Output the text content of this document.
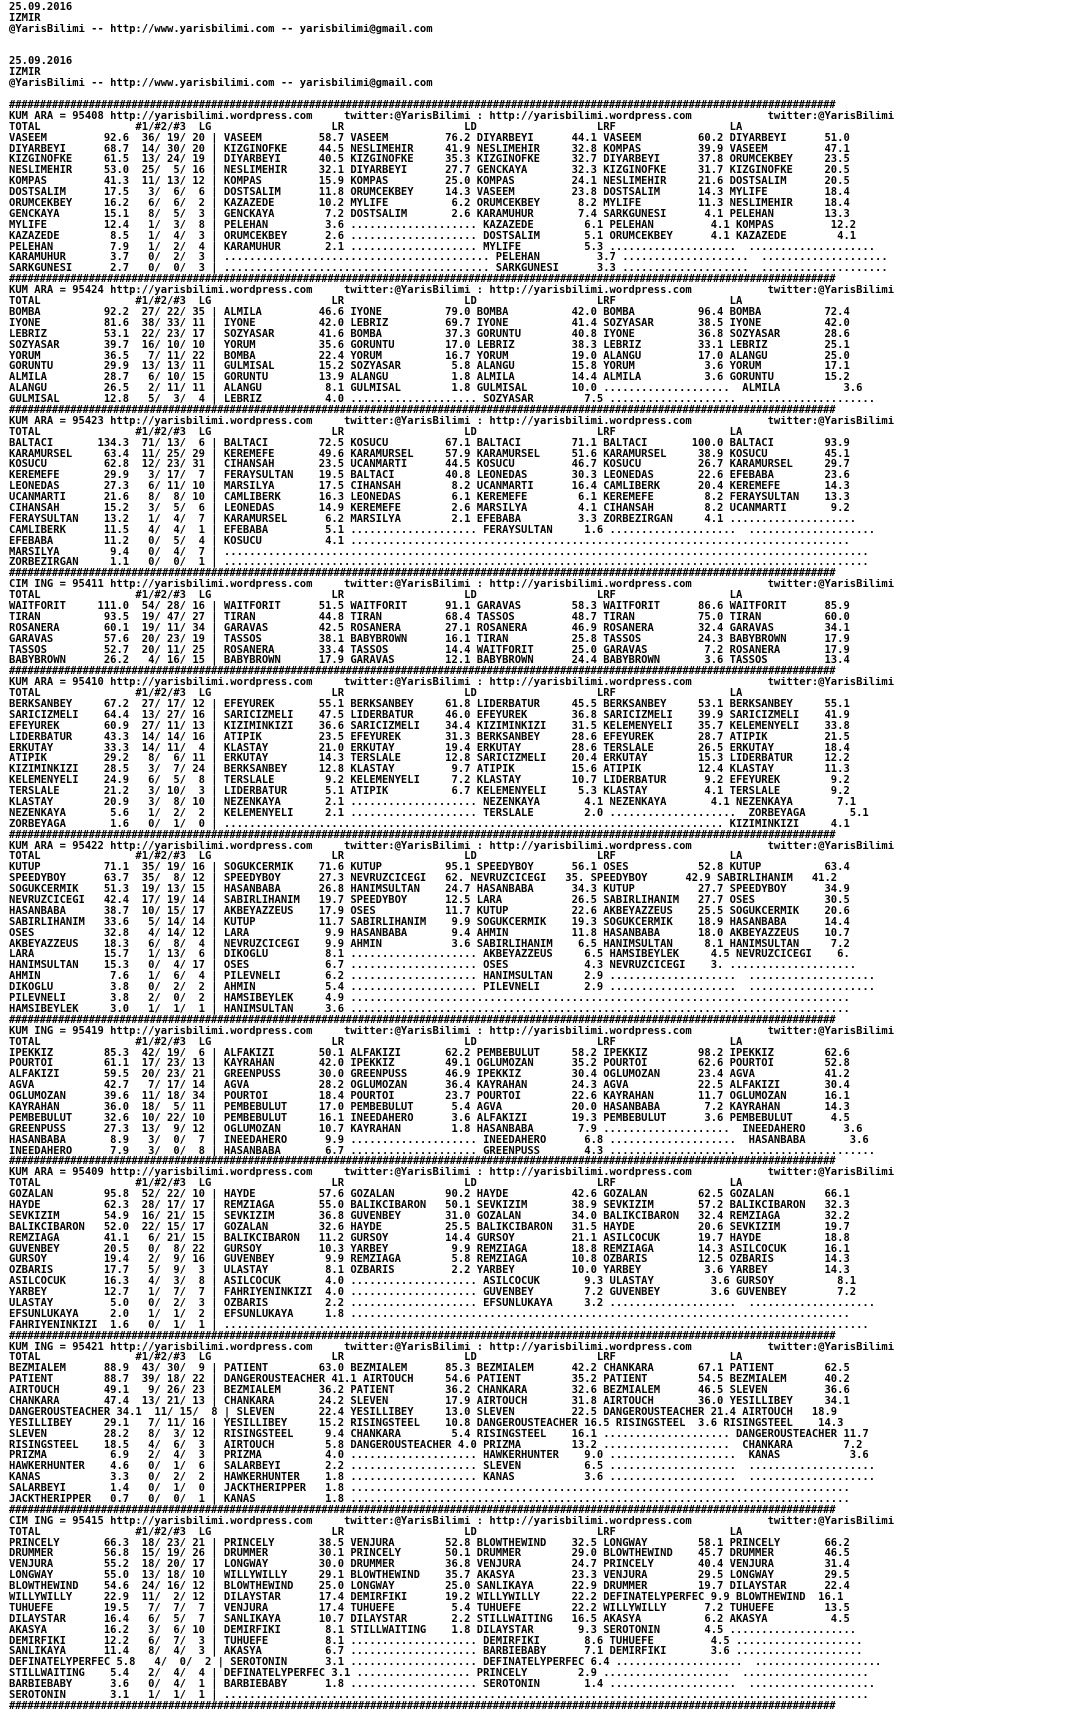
25.09.2016
IZMIR
@YarisBilimi -- http://www.yarisbilimi.com -- yarisbilimi@gmail.com

25.09.2016
IZMIR
@YarisBilimi -- http://www.yarisbilimi.com -- yarisbilimi@gmail.com

#######################################################################################################################################
KUM ARA = 95408 http://yarisbilimi.wordpress.com     twitter:@YarisBilimi : http://yarisbilimi.wordpress.com            twitter:@YarisBilimi
TOTAL               #1/#2/#3  LG                   LR                   LD                   LRF                  LA
VASEEM         92.6  36/ 19/ 20 | VASEEM         58.7 VASEEM         76.2 DIYARBEYI      44.1 VASEEM         60.2 DIYARBEYI      51.0
DIYARBEYI      68.7  14/ 30/ 20 | KIZGINOFKE     44.5 NESLIMEHIR     41.9 NESLIMEHIR     32.8 KOMPAS         39.9 VASEEM         47.1
KIZGINOFKE     61.5  13/ 24/ 19 | DIYARBEYI      40.5 KIZGINOFKE     35.3 KIZGINOFKE     32.7 DIYARBEYI      37.8 ORUMCEKBEY     23.5
NESLIMEHIR     53.0  25/  5/ 16 | NESLIMEHIR     32.1 DIYARBEYI      27.7 GENCKAYA       32.3 KIZGINOFKE     31.7 KIZGINOFKE     20.5
KOMPAS         41.3  11/ 13/ 12 | KOMPAS         15.9 KOMPAS         25.0 KOMPAS         24.1 NESLIMEHIR     21.6 DOSTSALIM      20.5
DOSTSALIM      17.5   3/  6/  6 | DOSTSALIM      11.8 ORUMCEKBEY     14.3 VASEEM         23.8 DOSTSALIM      14.3 MYLIFE         18.4
ORUMCEKBEY     16.2   6/  6/  2 | KAZAZEDE       10.2 MYLIFE          6.2 ORUMCEKBEY      8.2 MYLIFE         11.3 NESLIMEHIR     18.4
GENCKAYA       15.1   8/  5/  3 | GENCKAYA        7.2 DOSTSALIM       2.6 KARAMUHUR       7.4 SARKGUNESI      4.1 PELEHAN        13.3
MYLIFE         12.4   1/  3/  8 | PELEHAN         3.6 .................... KAZAZEDE        6.1 PELEHAN         4.1 KOMPAS         12.2
KAZAZEDE        8.5   1/  4/  3 | ORUMCEKBEY      2.6 .................... DOSTSALIM       5.1 ORUMCEKBEY      4.1 KAZAZEDE        4.1
PELEHAN         7.9   1/  2/  4 | KARAMUHUR       2.1 .................... MYLIFE          5.3 ....................  ....................
KARAMUHUR       3.7   0/  2/  3 | .......................................... PELEHAN         3.7 ....................  ....................
SARKGUNESI      2.7   0/  0/  3 | .......................................... SARKGUNESI      3.3 ....................  ....................
#######################################################################################################################################
KUM ARA = 95424 http://yarisbilimi.wordpress.com     twitter:@YarisBilimi : http://yarisbilimi.wordpress.com            twitter:@YarisBilimi
TOTAL               #1/#2/#3  LG                   LR                   LD                   LRF                  LA
BOMBA          92.2  27/ 22/ 35 | ALMILA         46.6 IYONE          79.0 BOMBA          42.0 BOMBA          96.4 BOMBA          72.4
IYONE          81.6  38/ 33/ 11 | IYONE          42.0 LEBRIZ         69.7 IYONE          41.4 SOZYASAR       38.5 IYONE          42.0
LEBRIZ         53.1  22/ 23/ 17 | SOZYASAR       41.6 BOMBA          37.3 GORUNTU        40.8 IYONE          36.8 SOZYASAR       28.6
SOZYASAR       39.7  16/ 10/ 10 | YORUM          35.6 GORUNTU        17.0 LEBRIZ         38.3 LEBRIZ         33.1 LEBRIZ         25.1
YORUM          36.5   7/ 11/ 22 | BOMBA          22.4 YORUM          16.7 YORUM          19.0 ALANGU         17.0 ALANGU         25.0
GORUNTU        29.9  13/ 13/ 11 | GULMISAL       15.2 SOZYASAR        5.8 ALANGU         15.8 YORUM           3.6 YORUM          17.1
ALMILA         28.7   6/ 10/ 15 | GORUNTU        13.9 ALANGU          1.8 ALMILA         14.4 ALMILA          3.6 GORUNTU        15.2
ALANGU         26.5   2/ 11/ 11 | ALANGU          8.1 GULMISAL        1.8 GULMISAL       10.0 ....................  ALMILA          3.6
GULMISAL       12.8   5/  3/  4 | LEBRIZ          4.0 .................... SOZYASAR        7.5 ....................  ....................
#######################################################################################################################################
KUM ARA = 95423 http://yarisbilimi.wordpress.com     twitter:@YarisBilimi : http://yarisbilimi.wordpress.com            twitter:@YarisBilimi
TOTAL               #1/#2/#3  LG                   LR                   LD                   LRF                  LA
BALTACI       134.3  71/ 13/  6 | BALTACI        72.5 KOSUCU         67.1 BALTACI        71.1 BALTACI       100.0 BALTACI        93.9
KARAMURSEL     63.4  11/ 25/ 29 | KEREMEFE       49.6 KARAMURSEL     57.9 KARAMURSEL     51.6 KARAMURSEL     38.9 KOSUCU         45.1
KOSUCU         62.8  12/ 23/ 31 | CIHANSAH       23.5 UCANMARTI      44.5 KOSUCU         46.7 KOSUCU         26.7 KARAMURSEL     29.7
KEREMEFE       29.9   3/ 17/  7 | FERAYSULTAN    19.5 BALTACI        40.8 LEONEDAS       30.3 LEONEDAS       22.6 EFEBABA        23.6
LEONEDAS       27.3   6/ 11/ 10 | MARSILYA       17.5 CIHANSAH        8.2 UCANMARTI      16.4 CAMLIBERK      20.4 KEREMEFE       14.3
UCANMARTI      21.6   8/  8/ 10 | CAMLIBERK      16.3 LEONEDAS        6.1 KEREMEFE        6.1 KEREMEFE        8.2 FERAYSULTAN    13.3
CIHANSAH       15.2   3/  5/  6 | LEONEDAS       14.9 KEREMEFE        2.6 MARSILYA        4.1 CIHANSAH        8.2 UCANMARTI       9.2
FERAYSULTAN    13.2   1/  4/  7 | KARAMURSEL      6.2 MARSILYA        2.1 EFEBABA         3.3 ZORBEZIRGAN     4.1 ....................
CAMLIBERK      11.5   4/  4/  1 | EFEBABA         5.1 .................... FERAYSULTAN     1.6 ....................  ....................
EFEBABA        11.2   0/  5/  4 | KOSUCU          4.1 ...............................................................................
MARSILYA        9.4   0/  4/  7 | ......................................................................................................
ZORBEZIRGAN     1.1   0/  0/  1 | ......................................................................................................
#######################################################################################################################################
CIM ING = 95411 http://yarisbilimi.wordpress.com     twitter:@YarisBilimi : http://yarisbilimi.wordpress.com            twitter:@YarisBilimi
TOTAL               #1/#2/#3  LG                   LR                   LD                   LRF                  LA
WAITFORIT     111.0  54/ 28/ 16 | WAITFORIT      51.5 WAITFORIT      91.1 GARAVAS        58.3 WAITFORIT      86.6 WAITFORIT      85.9
TIRAN          93.5  19/ 47/ 27 | TIRAN          44.8 TIRAN          68.4 TASSOS         48.7 TIRAN          75.0 TIRAN          60.0
ROSANERA       60.1  19/ 11/ 34 | GARAVAS        42.5 ROSANERA       27.1 ROSANERA       46.9 ROSANERA       32.4 GARAVAS        34.1
GARAVAS        57.6  20/ 23/ 19 | TASSOS         38.1 BABYBROWN      16.1 TIRAN          25.8 TASSOS         24.3 BABYBROWN      17.9
TASSOS         52.7  20/ 11/ 25 | ROSANERA       33.4 TASSOS         14.4 WAITFORIT      25.0 GARAVAS         7.2 ROSANERA       17.9
BABYBROWN      26.2   4/ 16/ 15 | BABYBROWN      17.9 GARAVAS        12.1 BABYBROWN      24.4 BABYBROWN       3.6 TASSOS         13.4
#######################################################################################################################################
KUM ARA = 95410 http://yarisbilimi.wordpress.com     twitter:@YarisBilimi : http://yarisbilimi.wordpress.com            twitter:@YarisBilimi
TOTAL               #1/#2/#3  LG                   LR                   LD                   LRF                  LA
BERKSANBEY     67.2  27/ 17/ 12 | EFEYUREK       55.1 BERKSANBEY     61.8 LIDERBATUR     45.5 BERKSANBEY     53.1 BERKSANBEY     55.1
SARICIZMELI    64.4  13/ 27/ 16 | SARICIZMELI    47.5 LIDERBATUR     46.0 EFEYUREK       36.8 SARICIZMELI    39.9 SARICIZMELI    41.9
EFEYUREK       60.9  27/ 11/ 13 | KIZIMINKIZI    36.6 SARICIZMELI    34.4 KIZIMINKIZI    31.5 KELEMENYELI    35.7 KELEMENYELI    33.8
LIDERBATUR     43.3  14/ 14/ 16 | ATIPIK         23.5 EFEYUREK       31.3 BERKSANBEY     28.6 EFEYUREK       28.7 ATIPIK         21.5
ERKUTAY        33.3  14/ 11/  4 | KLASTAY        21.0 ERKUTAY        19.4 ERKUTAY        28.6 TERSLALE       26.5 ERKUTAY        18.4
ATIPIK         29.2   8/  6/ 11 | ERKUTAY        14.3 TERSLALE       12.8 SARICIZMELI    20.4 ERKUTAY        15.3 LIDERBATUR     12.2
KIZIMINKIZI    28.5   3/  7/ 24 | BERKSANBEY     12.8 KLASTAY         9.7 ATIPIK         15.6 ATIPIK         12.4 KLASTAY        11.3
KELEMENYELI    24.9   6/  5/  8 | TERSLALE        9.2 KELEMENYELI     7.2 KLASTAY        10.7 LIDERBATUR      9.2 EFEYUREK        9.2
TERSLALE       21.2   3/ 10/  3 | LIDERBATUR      5.1 ATIPIK          6.7 KELEMENYELI     5.3 KLASTAY         4.1 TERSLALE        9.2
KLASTAY        20.9   3/  8/ 10 | NEZENKAYA       2.1 .................... NEZENKAYA       4.1 NEZENKAYA       4.1 NEZENKAYA       7.1
NEZENKAYA       5.6   1/  2/  2 | KELEMENYELI     2.1 .................... TERSLALE        2.0 ....................  ZORBEYAGA       5.1
ZORBEYAGA       1.6   0/  1/  0 | ............................................................................... KIZIMINKIZI     4.1
#######################################################################################################################################
KUM ARA = 95422 http://yarisbilimi.wordpress.com     twitter:@YarisBilimi : http://yarisbilimi.wordpress.com            twitter:@YarisBilimi
TOTAL               #1/#2/#3  LG                   LR                   LD                   LRF                  LA
KUTUP          71.1  35/ 19/ 16 | SOGUKCERMIK    71.6 KUTUP          95.1 SPEEDYBOY      56.1 OSES           52.8 KUTUP          63.4
SPEEDYBOY      63.7  35/  8/ 12 | SPEEDYBOY      27.3 NEVRUZCICEGI   62. NEVRUZCICEGI   35. SPEEDYBOY      42.9 SABIRLIHANIM   41.2
SOGUKCERMIK    51.3  19/ 13/ 15 | HASANBABA      26.8 HANIMSULTAN    24.7 HASANBABA      34.3 KUTUP          27.7 SPEEDYBOY      34.9
NEVRUZCICEGI   42.4  17/ 19/ 14 | SABIRLIHANIM   19.7 SPEEDYBOY      12.5 LARA           26.5 SABIRLIHANIM   27.7 OSES           30.5
HASANBABA      38.7  10/ 15/ 17 | AKBEYAZZEUS    17.9 OSES           11.7 KUTUP          22.6 AKBEYAZZEUS    25.5 SOGUKCERMIK    20.6
SABIRLIHANIM   33.6   5/ 14/ 14 | KUTUP          11.7 SABIRLIHANIM    9.9 SOGUKCERMIK    19.3 SOGUKCERMIK    18.9 HASANBABA      14.4
OSES           32.8   4/ 14/ 12 | LARA            9.9 HASANBABA       9.4 AHMIN          11.8 HASANBABA      18.0 AKBEYAZZEUS    10.7
AKBEYAZZEUS    18.3   6/  8/  4 | NEVRUZCICEGI    9.9 AHMIN           3.6 SABIRLIHANIM    6.5 HANIMSULTAN     8.1 HANIMSULTAN     7.2
LARA           15.7   1/ 13/  6 | DIKOGLU         8.1 .................... AKBEYAZZEUS     6.5 HAMSIBEYLEK     4.5 NEVRUZCICEGI    6.
HANIMSULTAN    15.3   0/  4/ 17 | OSES            6.7 .................... OSES            4.3 NEVRUZCICEGI    3. ....................
AHMIN           7.6   1/  6/  4 | PILEVNELI       6.2 .................... HANIMSULTAN     2.9 ....................  ....................
DIKOGLU         3.8   0/  2/  2 | AHMIN           5.4 .................... PILEVNELI       2.9 ....................  ....................
PILEVNELI       3.8   2/  0/  2 | HAMSIBEYLEK     4.9 ...............................................................................
HAMSIBEYLEK     3.0   1/  1/  1 | HANIMSULTAN     3.6 ...............................................................................
#######################################################################################################################################
KUM ING = 95419 http://yarisbilimi.wordpress.com     twitter:@YarisBilimi : http://yarisbilimi.wordpress.com            twitter:@YarisBilimi
TOTAL               #1/#2/#3  LG                   LR                   LD                   LRF                  LA
IPEKKIZ        85.3  42/ 19/  6 | ALFAKIZI       50.1 ALFAKIZI       62.2 PEMBEBULUT     58.2 IPEKKIZ        98.2 IPEKKIZ        62.6
POURTOI        61.1  17/ 23/ 13 | KAYRAHAN       42.0 IPEKKIZ        49.1 OGLUMOZAN      35.2 POURTOI        62.6 POURTOI        52.8
ALFAKIZI       59.5  20/ 23/ 21 | GREENPUSS      30.0 GREENPUSS      46.9 IPEKKIZ        30.4 OGLUMOZAN      23.4 AGVA           41.2
AGVA           42.7   7/ 17/ 14 | AGVA           28.2 OGLUMOZAN      36.4 KAYRAHAN       24.3 AGVA           22.5 ALFAKIZI       30.4
OGLUMOZAN      39.6  11/ 18/ 34 | POURTOI        18.4 POURTOI        23.7 POURTOI        22.6 KAYRAHAN       11.7 OGLUMOZAN      16.1
KAYRAHAN       36.0  18/  5/ 11 | PEMBEBULUT     17.0 PEMBEBULUT      5.4 AGVA           20.0 HASANBABA       7.2 KAYRAHAN       14.3
PEMBEBULUT     32.6  10/ 22/ 10 | PEMBEBULUT     16.1 INEEDAHERO      3.6 ALFAKIZI       19.3 PEMBEBULUT      3.6 PEMBEBULUT      4.5
GREENPUSS      27.3  13/  9/ 12 | OGLUMOZAN      10.7 KAYRAHAN        1.8 HASANBABA       7.9 ....................  INEEDAHERO      3.6
HASANBABA       8.9   3/  0/  7 | INEEDAHERO      9.9 .................... INEEDAHERO      6.8 ....................  HASANBABA       3.6
INEEDAHERO      7.9   3/  0/  8 | HASANBABA       6.7 .................... GREENPUSS       4.3 ....................  ....................
#######################################################################################################################################
KUM ARA = 95409 http://yarisbilimi.wordpress.com     twitter:@YarisBilimi : http://yarisbilimi.wordpress.com            twitter:@YarisBilimi
TOTAL               #1/#2/#3  LG                   LR                   LD                   LRF                  LA
GOZALAN        95.8  52/ 22/ 10 | HAYDE          57.6 GOZALAN        90.2 HAYDE          42.6 GOZALAN        62.5 GOZALAN        66.1
HAYDE          62.3  28/ 17/ 17 | REMZIAGA       55.0 BALIKCIBARON   50.1 SEVKIZIM       38.9 SEVKIZIM       57.2 BALIKCIBARON   32.3
SEVKIZIM       54.9  16/ 21/ 15 | SEVKIZIM       36.8 GUVENBEY       31.0 GOZALAN        34.0 BALIKCIBARON   32.4 REMZIAGA       32.2
BALIKCIBARON   52.0  22/ 15/ 17 | GOZALAN        32.6 HAYDE          25.5 BALIKCIBARON   31.5 HAYDE          20.6 SEVKIZIM       19.7
REMZIAGA       41.1   6/ 21/ 15 | BALIKCIBARON   11.2 GURSOY         14.4 GURSOY         21.1 ASILCOCUK      19.7 HAYDE          18.8
GUVENBEY       20.5   0/  8/ 22 | GURSOY         10.3 YARBEY          9.9 REMZIAGA       18.8 REMZIAGA       14.3 ASILCOCUK      16.1
GURSOY         19.4   2/  9/ 16 | GUVENBEY        9.9 REMZIAGA        5.8 REMZIAGA       10.8 OZBARIS        12.5 OZBARIS        14.3
OZBARIS        17.7   5/  9/  3 | ULASTAY         8.1 OZBARIS         2.2 YARBEY         10.0 YARBEY          3.6 YARBEY         14.3
ASILCOCUK      16.3   4/  3/  8 | ASILCOCUK       4.0 .................... ASILCOCUK       9.3 ULASTAY         3.6 GURSOY          8.1
YARBEY         12.7   1/  7/  7 | FAHRIYENINKIZI  4.0 .................... GUVENBEY        7.2 GUVENBEY        3.6 GUVENBEY        7.2
ULASTAY         5.0   0/  2/  3 | OZBARIS         2.2 .................... EFSUNLUKAYA     3.2 ....................  ....................
EFSUNLUKAYA     2.0   1/  1/  2 | EFSUNLUKAYA     1.8 ...............................................................................
FAHRIYENINKIZI  1.6   0/  1/  1 | ......................................................................................................
#######################################################################################################################################
KUM ING = 95421 http://yarisbilimi.wordpress.com     twitter:@YarisBilimi : http://yarisbilimi.wordpress.com            twitter:@YarisBilimi
TOTAL               #1/#2/#3  LG                   LR                   LD                   LRF                  LA
BEZMIALEM      88.9  43/ 30/  9 | PATIENT        63.0 BEZMIALEM      85.3 BEZMIALEM      42.2 CHANKARA       67.1 PATIENT        62.5
PATIENT        88.7  39/ 18/ 22 | DANGEROUSTEACHER 41.1 AIRTOUCH     54.6 PATIENT        35.2 PATIENT        54.5 BEZMIALEM      40.2
AIRTOUCH       49.1   9/ 26/ 23 | BEZMIALEM      36.2 PATIENT        36.2 CHANKARA       32.6 BEZMIALEM      46.5 SLEVEN         36.6
CHANKARA       47.4  13/ 21/ 13 | CHANKARA       24.2 SLEVEN         17.9 AIRTOUCH       31.8 AIRTOUCH       36.0 YESILLIBEY     34.1
DANGEROUSTEACHER 34.1  11/ 15/  8 | SLEVEN       22.4 YESILLIBEY     13.0 SLEVEN         22.5 DANGEROUSTEACHER 21.4 AIRTOUCH   18.9
YESILLIBEY     29.1   7/ 11/ 16 | YESILLIBEY     15.2 RISINGSTEEL    10.8 DANGEROUSTEACHER 16.5 RISINGSTEEL  3.6 RISINGSTEEL    14.3
SLEVEN         28.2   8/  3/ 12 | RISINGSTEEL     9.4 CHANKARA        5.4 RISINGSTEEL    16.1 .................... DANGEROUSTEACHER 11.7
RISINGSTEEL    18.5   4/  6/  3 | AIRTOUCH        5.8 DANGEROUSTEACHER 4.0 PRIZMA        13.2 ....................  CHANKARA        7.2
PRIZMA          6.9   2/  4/  3 | PRIZMA          4.0 .................... HAWKERHUNTER    9.0 ....................  KANAS           3.6
HAWKERHUNTER    4.6   0/  1/  6 | SALARBEYI       2.2 .................... SLEVEN          6.5 ....................  ....................
KANAS           3.3   0/  2/  2 | HAWKERHUNTER    1.8 .................... KANAS           3.6 ....................  ....................
SALARBEYI       1.4   0/  1/  0 | JACKTHERIPPER   1.8 ...............................................................................
JACKTHERIPPER   0.7   0/  0/  1 | KANAS           1.8 ...............................................................................
#######################################################################################################################################
CIM ING = 95415 http://yarisbilimi.wordpress.com     twitter:@YarisBilimi : http://yarisbilimi.wordpress.com            twitter:@YarisBilimi
TOTAL               #1/#2/#3  LG                   LR                   LD                   LRF                  LA
PRINCELY       66.3  18/ 23/ 21 | PRINCELY       38.5 VENJURA        52.8 BLOWTHEWIND    32.5 LONGWAY        58.1 PRINCELY       66.2
DRUMMER        56.8  15/ 19/ 26 | DRUMMER        30.1 PRINCELY       50.1 DRUMMER        29.0 BLOWTHEWIND    45.7 DRUMMER        46.5
VENJURA        55.2  18/ 20/ 17 | LONGWAY        30.0 DRUMMER        36.8 VENJURA        24.7 PRINCELY       40.4 VENJURA        31.4
LONGWAY        55.0  13/ 18/ 10 | WILLYWILLY     29.1 BLOWTHEWIND    35.7 AKASYA         23.3 VENJURA        29.5 LONGWAY        29.5
BLOWTHEWIND    54.6  24/ 16/ 12 | BLOWTHEWIND    25.0 LONGWAY        25.0 SANLIKAYA      22.9 DRUMMER        19.7 DILAYSTAR      22.4
WILLYWILLY     22.9  11/  2/ 12 | DILAYSTAR      17.4 DEMIRFIKI      19.2 WILLYWILLY     22.2 DEFINATELYPERFEC 9.9 BLOWTHEWIND  16.1
TUHUEFE        19.5   7/  7/  7 | VENJURA        17.4 TUHUEFE         5.4 TUHUEFE        22.2 WILLYWILLY      7.2 TUHUEFE        13.5
DILAYSTAR      16.4   6/  5/  7 | SANLIKAYA      10.7 DILAYSTAR       2.2 STILLWAITING   16.5 AKASYA          6.2 AKASYA          4.5
AKASYA         16.2   3/  6/ 10 | DEMIRFIKI       8.1 STILLWAITING    1.8 DILAYSTAR       9.3 SEROTONIN       4.5 ....................
DEMIRFIKI      12.2   6/  7/  3 | TUHUEFE         8.1 .................... DEMIRFIKI       8.6 TUHUEFE         4.5 ....................
SANLIKAYA      11.4   8/  4/  3 | AKASYA          6.7 .................... BARBIEBABY      7.1 DEMIRFIKI       3.6 ....................
DEFINATELYPERFEC 5.8   4/  0/  2 | SEROTONIN      3.1 .................... DEFINATELYPERFEC 6.4 ....................  ....................
STILLWAITING    5.4   2/  4/  4 | DEFINATELYPERFEC 3.1 .................. PRINCELY        2.9 ....................  ....................
BARBIEBABY      3.6   0/  4/  1 | BARBIEBABY      1.8 .................... SEROTONIN       1.4 ....................  ....................
SEROTONIN       3.1   1/  1/  1 | ......................................................................................................
#######################################################################################################################################
